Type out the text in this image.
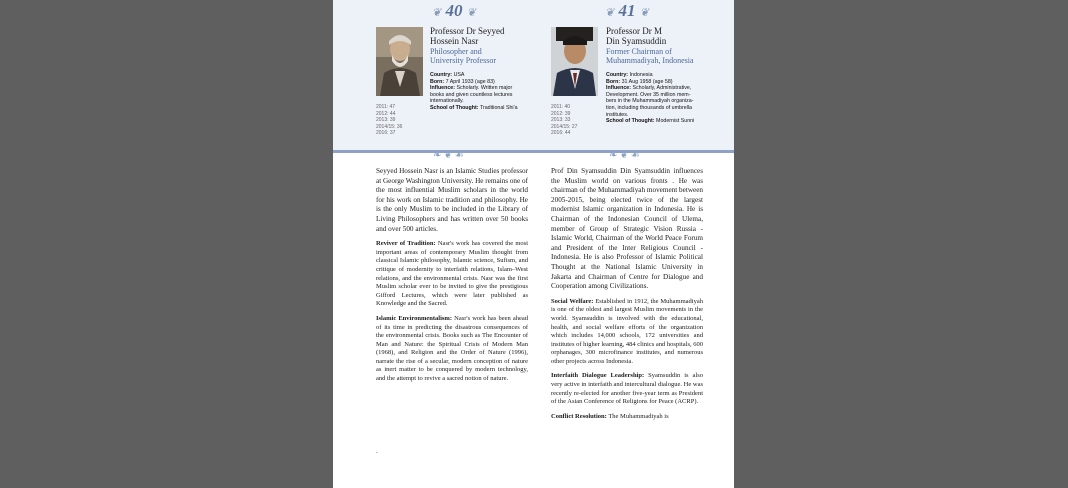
❦ 40 ❦
Professor Dr Seyyed
Hossein Nasr
Philosopher and
University Professor
Country: USA
Born: 7 April 1933 (age 83)
Influence: Scholarly. Written major
books and given countless lectures
internationally.
School of Thought: Traditional Shi'a
2011: 47
2012: 44
2013: 39
2014/15: 36
2016: 37
❦ 41 ❦
Professor Dr M
Din Syamsuddin
Former Chairman of
Muhammadiyah, Indonesia
Country: Indonesia
Born: 31 Aug 1958 (age 58)
Influence: Scholarly, Administrative,
Development. Over 35 million mem-
bers in the Muhammadiyah organiza-
tion, including thousands of umbrella
institutes.
School of Thought: Modernist Sunni
2011: 40
2012: 39
2013: 33
2014/15: 27
2016: 44
❧ ❦ ☙	❧ ❦ ☙

Seyyed Hossein Nasr is an Islamic Studies professor at George Washington University. He remains one of the most influential Muslim scholars in the world for his work on Islamic tradition and philosophy. He is the only Muslim to be included in the Library of Living Philosophers and has written over 50 books and over 500 articles.

Reviver of Tradition: Nasr's work has covered the most important areas of contemporary Muslim thought from classical Islamic philosophy, Islamic science, Sufism, and critique of modernity to interfaith relations, Islam–West relations, and the environmental crisis. Nasr was the first Muslim scholar ever to be invited to give the prestigious Gifford Lectures, which were later published as Knowledge and the Sacred.

Islamic Environmentalism: Nasr's work has been ahead of its time in predicting the disastrous consequences of the environmental crisis. Books such as The Encounter of Man and Nature: the Spiritual Crisis of Modern Man (1968), and Religion and the Order of Nature (1996), narrate the rise of a secular, modern conception of nature as inert matter to be conquered by modern technology, and the attempt to revive a sacred notion of nature.

.

Prof Din Syamsuddin Din Syamsuddin influences the Muslim world on various fronts . He was chairman of the Muhammadiyah movement between 2005-2015, being elected twice of the largest modernist Islamic organization in Indonesia. He is Chairman of the Indonesian Council of Ulema, member of Group of Strategic Vision Russia - Islamic World, Chairman of the World Peace Forum and President of the Inter Religious Council - Indonesia. He is also Professor of Islamic Political Thought at the National Islamic University in Jakarta and Chairman of Centre for Dialogue and Cooperation among Civilizations.

Social Welfare: Established in 1912, the Muhammadiyah is one of the oldest and largest Muslim movements in the world. Syamsuddin is involved with the educational, health, and social welfare efforts of the organization which includes 14,000 schools, 172 universities and institutes of higher learning, 484 clinics and hospitals, 600 orphanages, 300 microfinance institutes, and numerous other projects across Indonesia.

Interfaith Dialogue Leadership: Syamsuddin is also very active in interfaith and intercultural dialogue. He was recently re-elected for another five-year term as President of the Asian Conference of Religions for Peace (ACRP).

Conflict Resolution: The Muhammadiyah is
